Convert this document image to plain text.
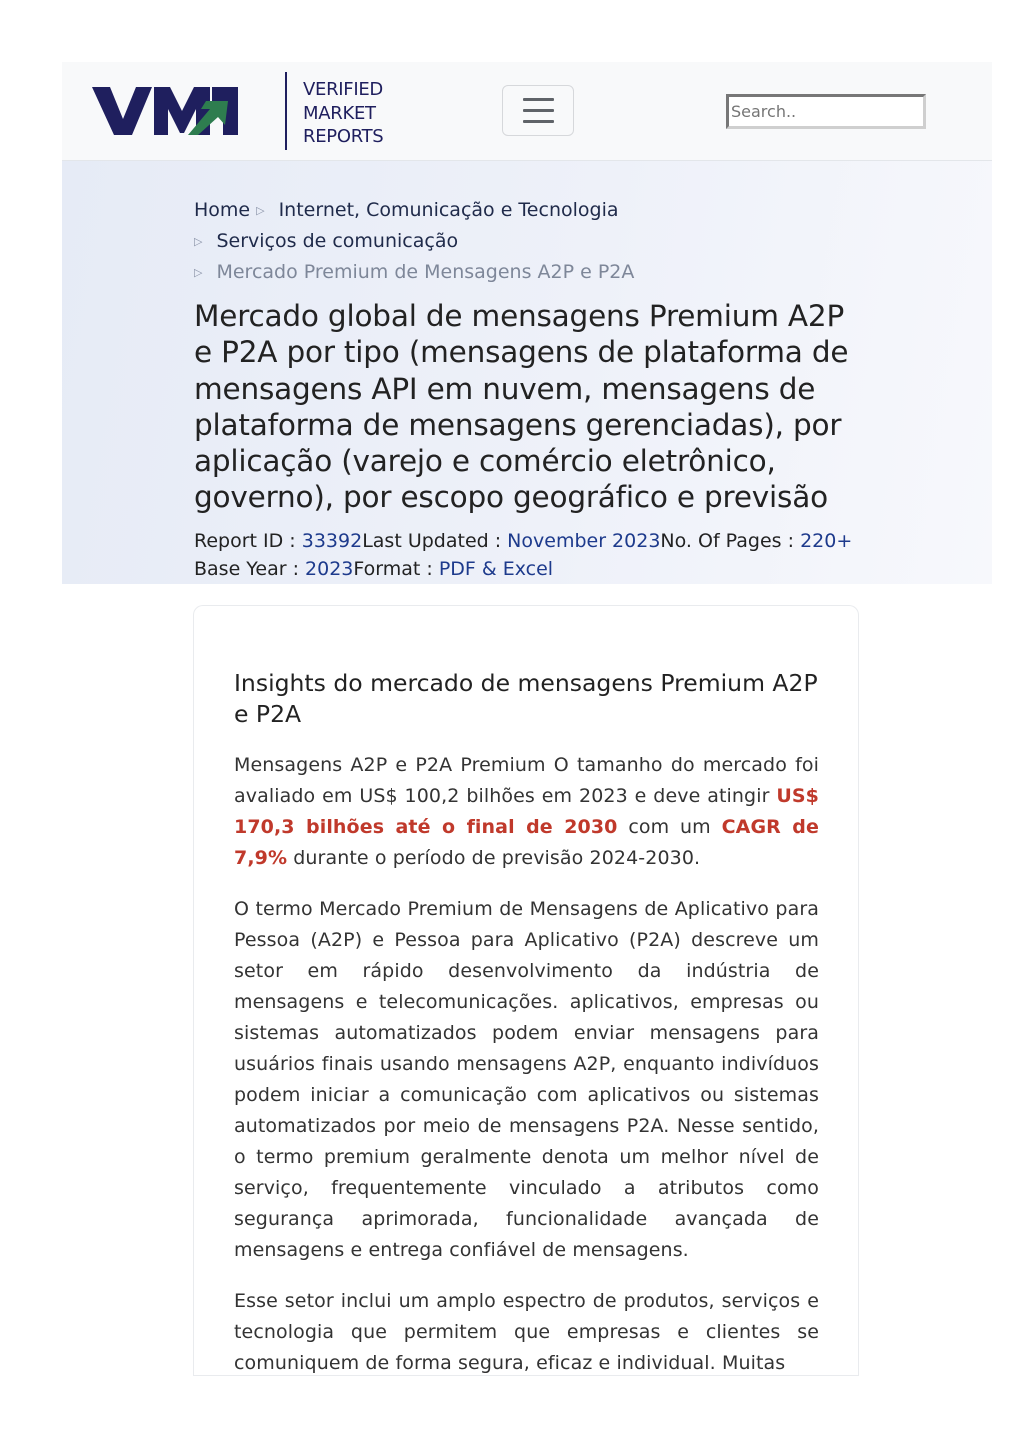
VERIFIED
MARKET
REPORTS
Search..
Home ▷ Internet, Comunicação e Tecnologia
▷ Serviços de comunicação
▷ Mercado Premium de Mensagens A2P e P2A
Mercado global de mensagens Premium A2P e P2A por tipo (mensagens de plataforma de mensagens API em nuvem, mensagens de plataforma de mensagens gerenciadas), por aplicação (varejo e comércio eletrônico, governo), por escopo geográfico e previsão
Report ID : 33392Last Updated : November 2023No. Of Pages : 220+
Base Year : 2023Format : PDF & Excel
Insights do mercado de mensagens Premium A2P e P2A

Mensagens A2P e P2A Premium O tamanho do mercado foi avaliado em US$ 100,2 bilhões em 2023 e deve atingir US$ 170,3 bilhões até o final de 2030 com um CAGR de 7,9% durante o período de previsão 2024-2030.

O termo Mercado Premium de Mensagens de Aplicativo para Pessoa (A2P) e Pessoa para Aplicativo (P2A) descreve um setor em rápido desenvolvimento da indústria de mensagens e telecomunicações. aplicativos, empresas ou sistemas automatizados podem enviar mensagens para usuários finais usando mensagens A2P, enquanto indivíduos podem iniciar a comunicação com aplicativos ou sistemas automatizados por meio de mensagens P2A. Nesse sentido, o termo premium geralmente denota um melhor nível de serviço, frequentemente vinculado a atributos como segurança aprimorada, funcionalidade avançada de mensagens e entrega confiável de mensagens.

Esse setor inclui um amplo espectro de produtos, serviços e tecnologia que permitem que empresas e clientes se comuniquem de forma segura, eficaz e individual. Muitas
